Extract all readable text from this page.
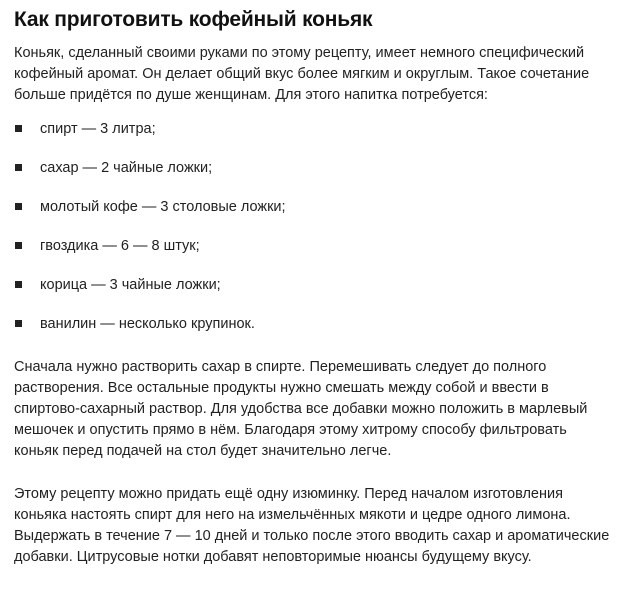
Как приготовить кофейный коньяк

Коньяк, сделанный своими руками по этому рецепту, имеет немного специфический кофейный аромат. Он делает общий вкус более мягким и округлым. Такое сочетание больше придётся по душе женщинам. Для этого напитка потребуется:

спирт — 3 литра;
сахар — 2 чайные ложки;
молотый кофе — 3 столовые ложки;
гвоздика — 6 — 8 штук;
корица — 3 чайные ложки;
ванилин — несколько крупинок.

Сначала нужно растворить сахар в спирте. Перемешивать следует до полного растворения. Все остальные продукты нужно смешать между собой и ввести в спиртово-сахарный раствор. Для удобства все добавки можно положить в марлевый мешочек и опустить прямо в нём. Благодаря этому хитрому способу фильтровать коньяк перед подачей на стол будет значительно легче.

Этому рецепту можно придать ещё одну изюминку. Перед началом изготовления коньяка настоять спирт для него на измельчённых мякоти и цедре одного лимона. Выдержать в течение 7 — 10 дней и только после этого вводить сахар и ароматические добавки. Цитрусовые нотки добавят неповторимые нюансы будущему вкусу.
